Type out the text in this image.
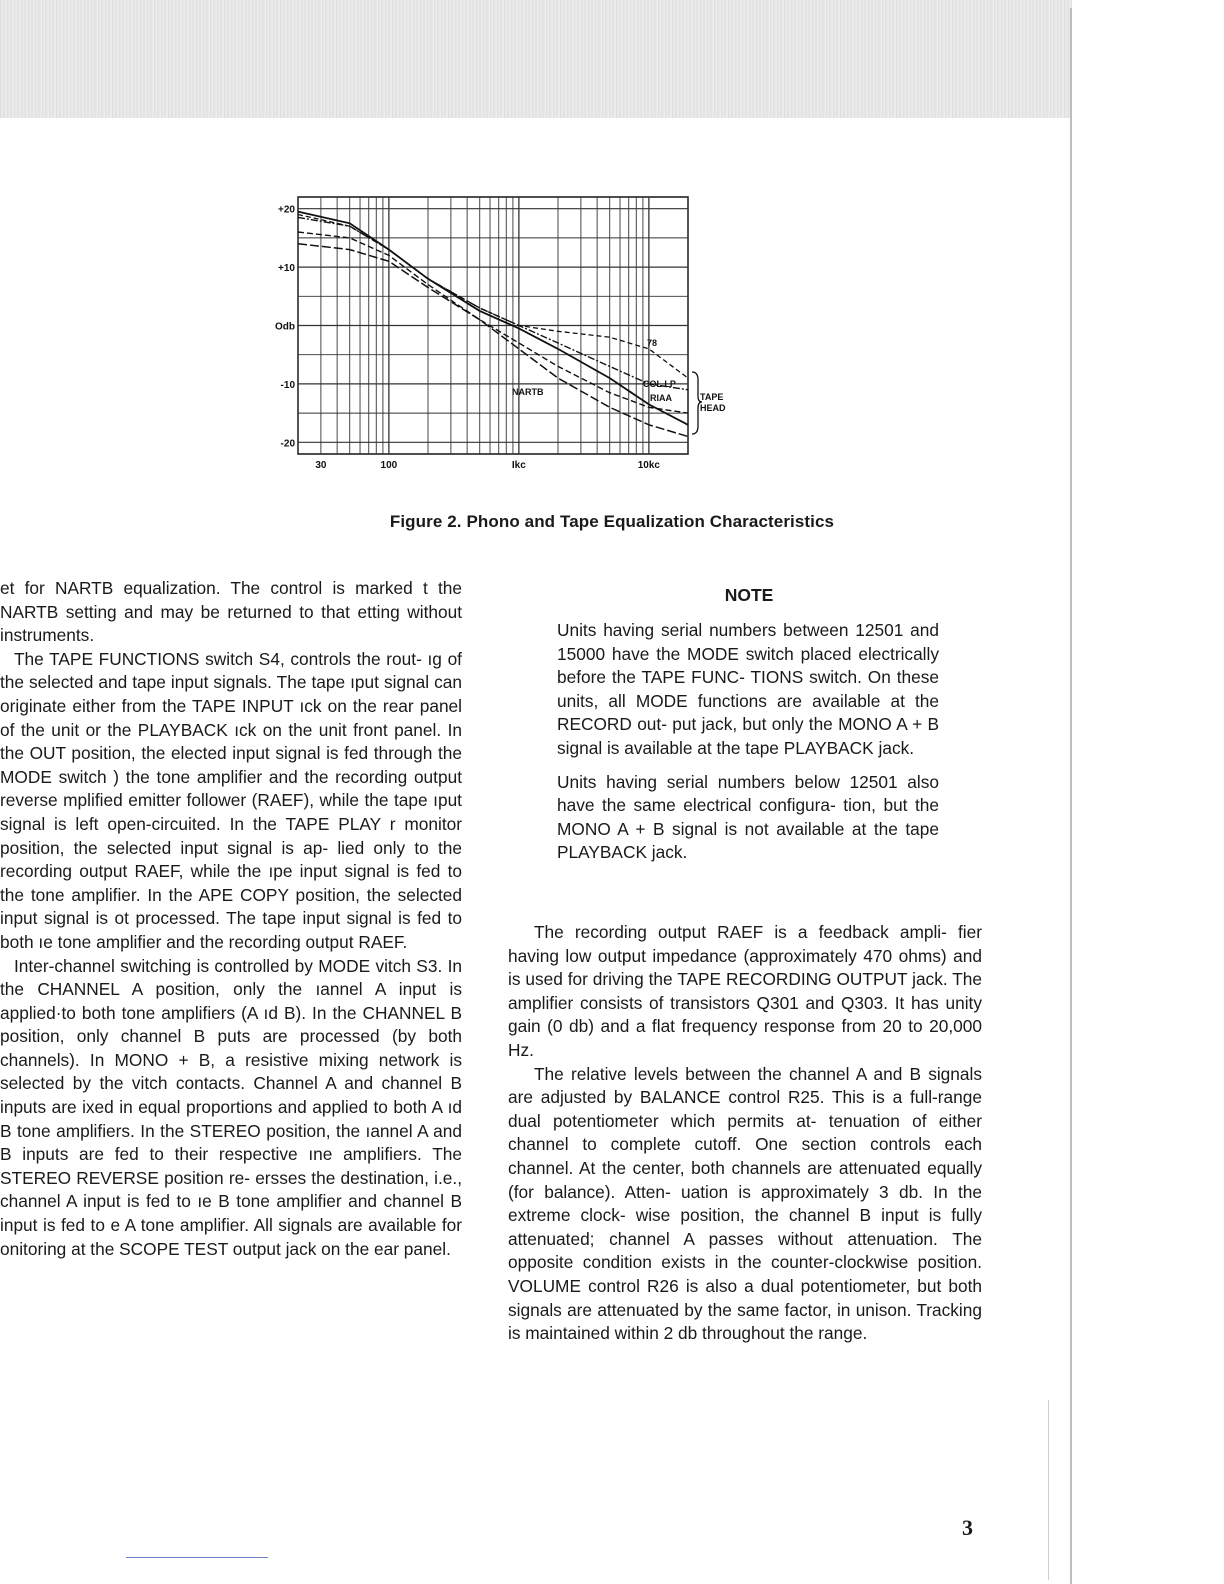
+20
+10
Odb
-10
-20
30	100	Ikc	10kc
78
COL LP
RIAA
NARTB	TAPE
HEAD
Figure 2. Phono and Tape Equalization Characteristics

et for NARTB equalization. The control is marked t the NARTB setting and may be returned to that etting without instruments.

The TAPE FUNCTIONS switch S4, controls the rout- ıg of the selected and tape input signals. The tape ıput signal can originate either from the TAPE INPUT ıck on the rear panel of the unit or the PLAYBACK ıck on the unit front panel. In the OUT position, the elected input signal is fed through the MODE switch ) the tone amplifier and the recording output reverse mplified emitter follower (RAEF), while the tape ıput signal is left open-circuited. In the TAPE PLAY r monitor position, the selected input signal is ap- lied only to the recording output RAEF, while the ıpe input signal is fed to the tone amplifier. In the APE COPY position, the selected input signal is ot processed. The tape input signal is fed to both ıe tone amplifier and the recording output RAEF.

Inter-channel switching is controlled by MODE vitch S3. In the CHANNEL A position, only the ıannel A input is applied·to both tone amplifiers (A ıd B). In the CHANNEL B position, only channel B puts are processed (by both channels). In MONO + B, a resistive mixing network is selected by the vitch contacts. Channel A and channel B inputs are ixed in equal proportions and applied to both A ıd B tone amplifiers. In the STEREO position, the ıannel A and B inputs are fed to their respective ıne amplifiers. The STEREO REVERSE position re- ersses the destination, i.e., channel A input is fed to ıe B tone amplifier and channel B input is fed to e A tone amplifier. All signals are available for onitoring at the SCOPE TEST output jack on the ear panel.

NOTE

Units having serial numbers between 12501 and 15000 have the MODE switch placed electrically before the TAPE FUNC- TIONS switch. On these units, all MODE functions are available at the RECORD out- put jack, but only the MONO A + B signal is available at the tape PLAYBACK jack.

Units having serial numbers below 12501 also have the same electrical configura- tion, but the MONO A + B signal is not available at the tape PLAYBACK jack.

The recording output RAEF is a feedback ampli- fier having low output impedance (approximately 470 ohms) and is used for driving the TAPE RECORDING OUTPUT jack. The amplifier consists of transistors Q301 and Q303. It has unity gain (0 db) and a flat frequency response from 20 to 20,000 Hz.

The relative levels between the channel A and B signals are adjusted by BALANCE control R25. This is a full-range dual potentiometer which permits at- tenuation of either channel to complete cutoff. One section controls each channel. At the center, both channels are attenuated equally (for balance). Atten- uation is approximately 3 db. In the extreme clock- wise position, the channel B input is fully attenuated; channel A passes without attenuation. The opposite condition exists in the counter-clockwise position. VOLUME control R26 is also a dual potentiometer, but both signals are attenuated by the same factor, in unison. Tracking is maintained within 2 db throughout the range.

3
